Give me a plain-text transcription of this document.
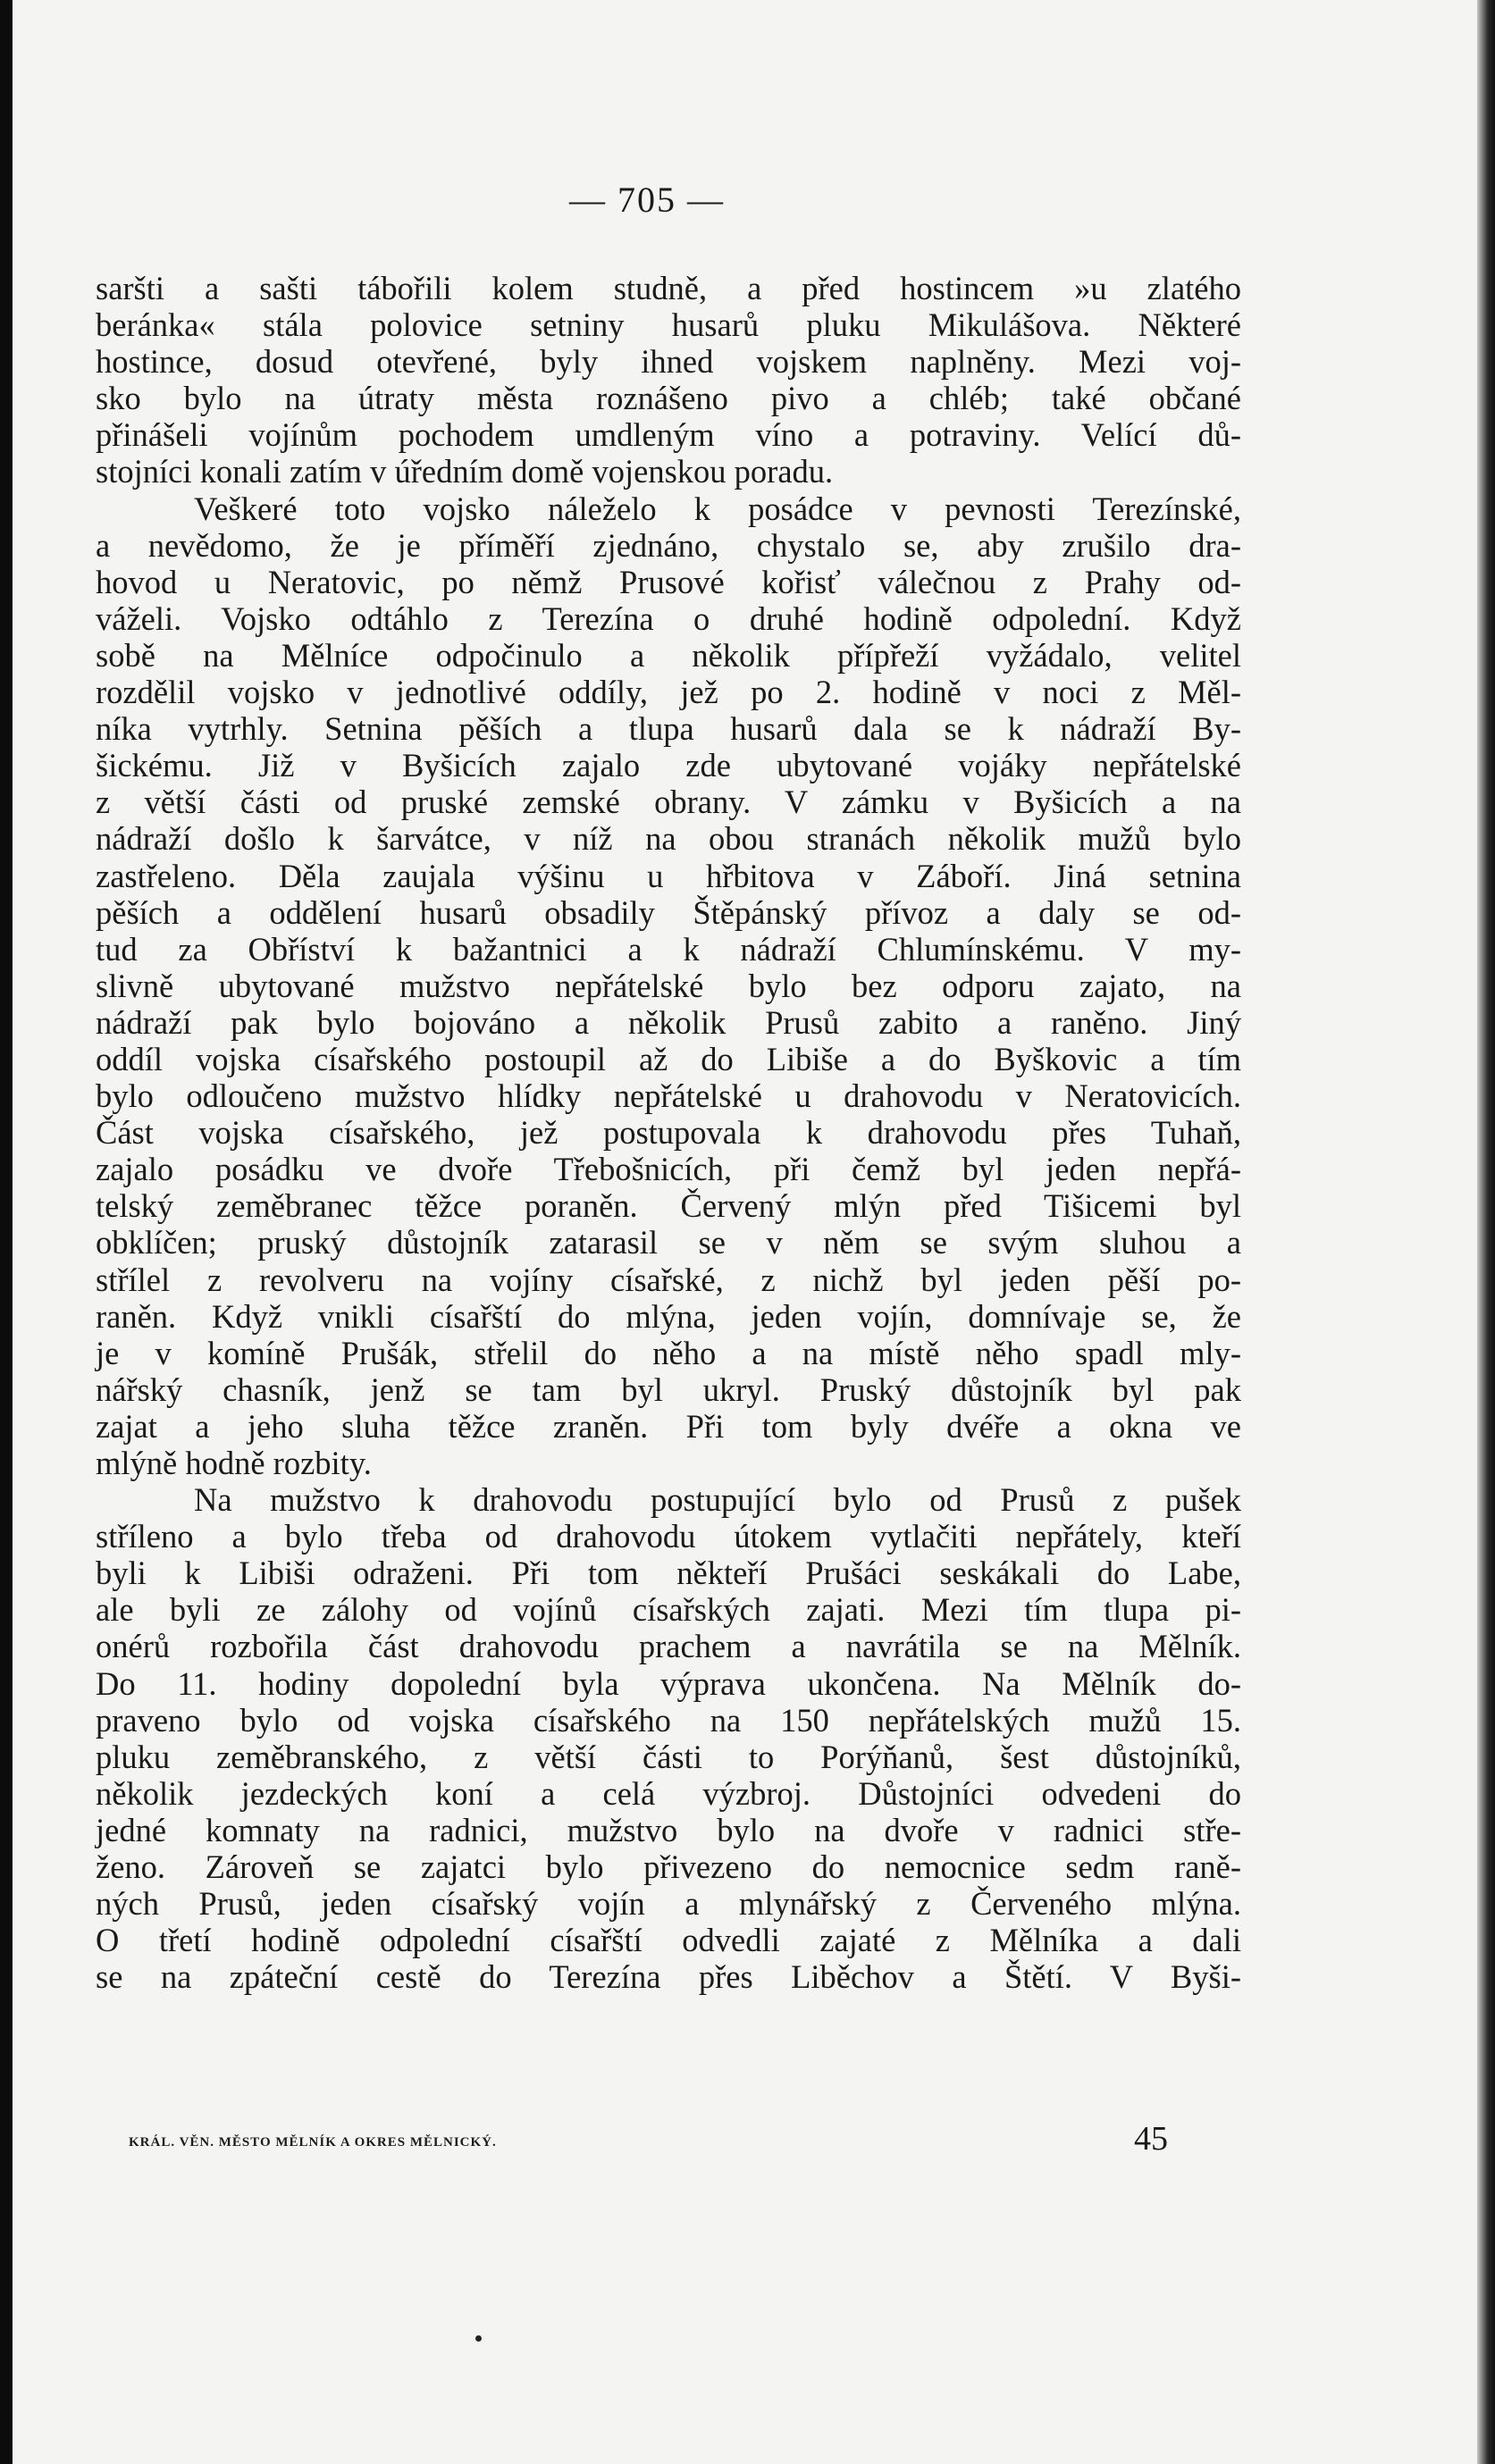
— 705 —
saršti a sašti tábořili kolem studně, a před hostincem »u zlatého
beránka« stála polovice setniny husarů pluku Mikulášova. Některé
hostince, dosud otevřené, byly ihned vojskem naplněny. Mezi voj-
sko bylo na útraty města roznášeno pivo a chléb; také občané
přinášeli vojínům pochodem umdleným víno a potraviny. Velící dů-
stojníci konali zatím v úředním domě vojenskou poradu.
Veškeré toto vojsko náleželo k posádce v pevnosti Terezínské,
a nevědomo, že je příměří zjednáno, chystalo se, aby zrušilo dra-
hovod u Neratovic, po němž Prusové kořisť válečnou z Prahy od-
váželi. Vojsko odtáhlo z Terezína o druhé hodině odpolední. Když
sobě na Mělníce odpočinulo a několik přípřeží vyžádalo, velitel
rozdělil vojsko v jednotlivé oddíly, jež po 2. hodině v noci z Měl-
níka vytrhly. Setnina pěších a tlupa husarů dala se k nádraží By-
šickému. Již v Byšicích zajalo zde ubytované vojáky nepřátelské
z větší části od pruské zemské obrany. V zámku v Byšicích a na
nádraží došlo k šarvátce, v níž na obou stranách několik mužů bylo
zastřeleno. Děla zaujala výšinu u hřbitova v Záboří. Jiná setnina
pěších a oddělení husarů obsadily Štěpánský přívoz a daly se od-
tud za Obříství k bažantnici a k nádraží Chlumínskému. V my-
slivně ubytované mužstvo nepřátelské bylo bez odporu zajato, na
nádraží pak bylo bojováno a několik Prusů zabito a raněno. Jiný
oddíl vojska císařského postoupil až do Libiše a do Byškovic a tím
bylo odloučeno mužstvo hlídky nepřátelské u drahovodu v Neratovicích.
Část vojska císařského, jež postupovala k drahovodu přes Tuhaň,
zajalo posádku ve dvoře Třebošnicích, při čemž byl jeden nepřá-
telský zeměbranec těžce poraněn. Červený mlýn před Tišicemi byl
obklíčen; pruský důstojník zatarasil se v něm se svým sluhou a
střílel z revolveru na vojíny císařské, z nichž byl jeden pěší po-
raněn. Když vnikli císařští do mlýna, jeden vojín, domnívaje se, že
je v komíně Prušák, střelil do něho a na místě něho spadl mly-
nářský chasník, jenž se tam byl ukryl. Pruský důstojník byl pak
zajat a jeho sluha těžce zraněn. Při tom byly dvéře a okna ve
mlýně hodně rozbity.
Na mužstvo k drahovodu postupující bylo od Prusů z pušek
stříleno a bylo třeba od drahovodu útokem vytlačiti nepřátely, kteří
byli k Libiši odraženi. Při tom někteří Prušáci seskákali do Labe,
ale byli ze zálohy od vojínů císařských zajati. Mezi tím tlupa pi-
onérů rozbořila část drahovodu prachem a navrátila se na Mělník.
Do 11. hodiny dopolední byla výprava ukončena. Na Mělník do-
praveno bylo od vojska císařského na 150 nepřátelských mužů 15.
pluku zeměbranského, z větší části to Porýňanů, šest důstojníků,
několik jezdeckých koní a celá výzbroj. Důstojníci odvedeni do
jedné komnaty na radnici, mužstvo bylo na dvoře v radnici stře-
ženo. Zároveň se zajatci bylo přivezeno do nemocnice sedm raně-
ných Prusů, jeden císařský vojín a mlynářský z Červeného mlýna.
O třetí hodině odpolední císařští odvedli zajaté z Mělníka a dali
se na zpáteční cestě do Terezína přes Liběchov a Štětí. V Byši-
KRÁL. VĚN. MĚSTO MĚLNÍK A OKRES MĚLNICKÝ.	45
